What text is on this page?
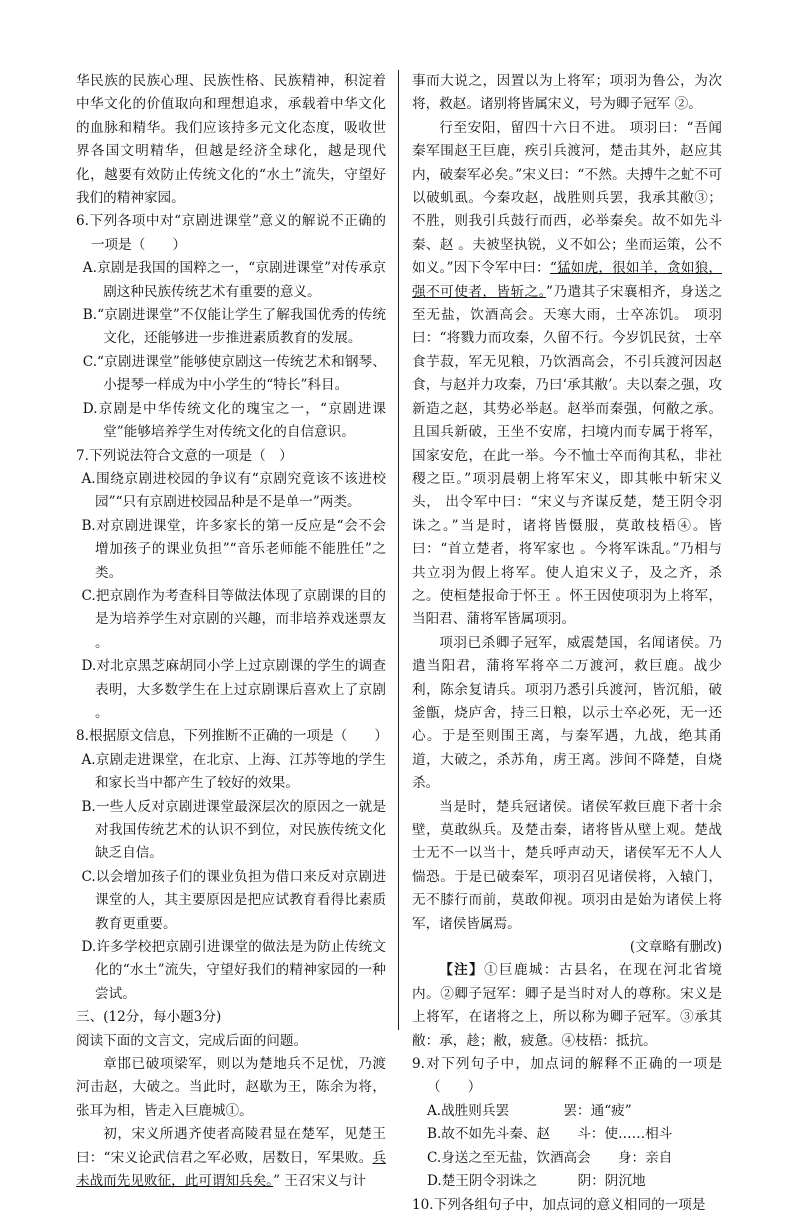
华民族的民族心理、民族性格、民族精神，积淀着中华文化的价值取向和理想追求，承载着中华文化的血脉和精华。我们应该持多元文化态度，吸收世界各国文明精华，但越是经济全球化，越是现代化，越要有效防止传统文化的“水土”流失，守望好我们的精神家园。

6.下列各项中对“京剧进课堂”意义的解说不正确的一项是（　　）

A.京剧是我国的国粹之一，“京剧进课堂”对传承京剧这种民族传统艺术有重要的意义。

B.“京剧进课堂”不仅能让学生了解我国优秀的传统文化，还能够进一步推进素质教育的发展。

C.“京剧进课堂”能够使京剧这一传统艺术和钢琴、小提琴一样成为中小学生的“特长”科目。

D.京剧是中华传统文化的瑰宝之一，“京剧进课堂”能够培养学生对传统文化的自信意识。

7.下列说法符合文意的一项是（　）

A.围绕京剧进校园的争议有“京剧究竟该不该进校园”“只有京剧进校园品种是不是单一”两类。

B.对京剧进课堂，许多家长的第一反应是“会不会增加孩子的课业负担”“音乐老师能不能胜任”之类。

C.把京剧作为考查科目等做法体现了京剧课的目的是为培养学生对京剧的兴趣，而非培养戏迷票友 。

D.对北京黑芝麻胡同小学上过京剧课的学生的调查表明，大多数学生在上过京剧课后喜欢上了京剧 。

8.根据原文信息，下列推断不正确的一项是（　　）

A.京剧走进课堂，在北京、上海、江苏等地的学生和家长当中都产生了较好的效果。

B.一些人反对京剧进课堂最深层次的原因之一就是对我国传统艺术的认识不到位，对民族传统文化缺乏自信。

C.以会增加孩子们的课业负担为借口来反对京剧进课堂的人，其主要原因是把应试教育看得比素质教育更重要。

D.许多学校把京剧引进课堂的做法是为防止传统文化的“水土”流失，守望好我们的精神家园的一种尝试。

三、(12分，每小题3分)

阅读下面的文言文，完成后面的问题。

章邯已破项梁军，则以为楚地兵不足忧，乃渡河击赵，大破之。当此时，赵歇为王，陈余为将，张耳为相，皆走入巨鹿城①。

初，宋义所遇齐使者高陵君显在楚军，见楚王曰：“宋义论武信君之军必败，居数日，军果败。兵未战而先见败征，此可谓知兵矣。” 王召宋义与计

事而大说之，因置以为上将军；项羽为鲁公，为次将，救赵。诸别将皆属宋义，号为卿子冠军 ②。

行至安阳，留四十六日不进。 项羽曰：“吾闻秦军围赵王巨鹿，疾引兵渡河，楚击其外，赵应其内，破秦军必矣。”宋义曰：“不然。夫搏牛之虻不可以破虮虱。今秦攻赵，战胜则兵罢，我承其敝③；不胜，则我引兵鼓行而西，必举秦矣。故不如先斗秦、赵 。夫被坚执锐，义不如公；坐而运策，公不如义。”因下令军中曰：“猛如虎，很如羊，贪如狼，强不可使者，皆斩之。”乃遣其子宋襄相齐，身送之至无盐，饮酒高会。天寒大雨，士卒冻饥。 项羽曰：“将戮力而攻秦，久留不行。今岁饥民贫，士卒食芋菽，军无见粮，乃饮酒高会，不引兵渡河因赵食，与赵并力攻秦，乃曰‘承其敝’。夫以秦之强，攻新造之赵，其势必举赵。赵举而秦强，何敝之承。且国兵新破，王坐不安席，扫境内而专属于将军，国家安危，在此一举。今不恤士卒而徇其私，非社稷之臣。”项羽晨朝上将军宋义，即其帐中斩宋义头， 出令军中曰：“宋义与齐谋反楚，楚王阴令羽诛之。”当是时，诸将皆慑服，莫敢枝梧④。皆曰：“首立楚者，将军家也 。今将军诛乱。”乃相与共立羽为假上将军。使人追宋义子，及之齐，杀之。使桓楚报命于怀王 。怀王因使项羽为上将军，当阳君、蒲将军皆属项羽。

项羽已杀卿子冠军，威震楚国，名闻诸侯。乃遣当阳君，蒲将军将卒二万渡河，救巨鹿。战少利，陈余复请兵。项羽乃悉引兵渡河，皆沉船，破釜甑，烧庐舍，持三日粮，以示士卒必死，无一还心。于是至则围王离，与秦军遇，九战，绝其甬道，大破之，杀苏角，虏王离。涉间不降楚，自烧杀。

当是时，楚兵冠诸侯。诸侯军救巨鹿下者十余壁，莫敢纵兵。及楚击秦，诸将皆从壁上观。楚战士无不一以当十，楚兵呼声动天，诸侯军无不人人惴恐。于是已破秦军，项羽召见诸侯将，入辕门，无不膝行而前，莫敢仰视。项羽由是始为诸侯上将军，诸侯皆属焉。

(文章略有删改)

【注】①巨鹿城：古县名，在现在河北省境内。②卿子冠军：卿子是当时对人的尊称。宋义是上将军，在诸将之上，所以称为卿子冠军。③承其敝：承，趁；敝，疲惫。④枝梧：抵抗。

9.对下列句子中，加点词的解释不正确的一项是（　　）

A.战胜则兵罢　　　　罢：通“疲”

B.故不如先斗秦、赵　　斗：使……相斗

C.身送之至无盐，饮酒高会　　身：亲自

D.楚王阴令羽诛之　　　阴：阴沉地

10.下列各组句子中，加点词的意义相同的一项是
